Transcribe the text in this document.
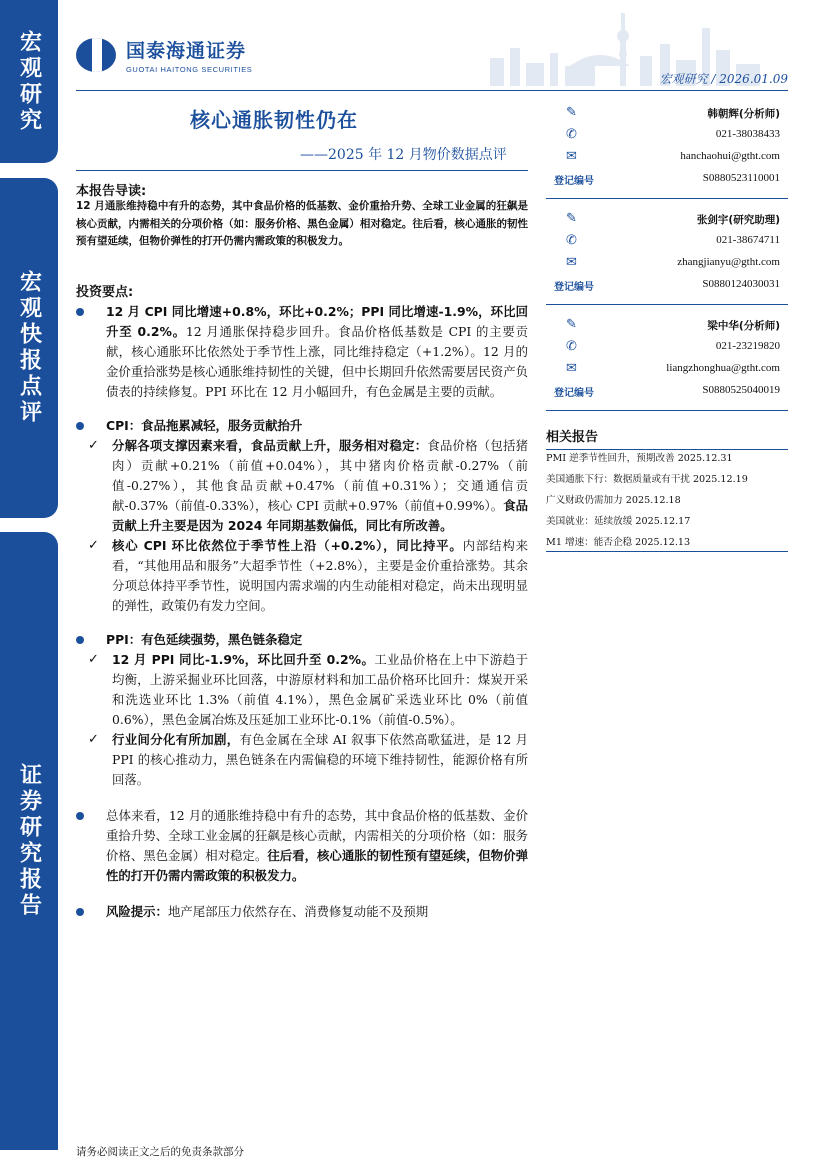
宏观研究
宏观快报点评
证券研究报告
国泰海通证券
GUOTAI HAITONG SECURITIES
宏观研究 / 2026.01.09
核心通胀韧性仍在
——2025 年 12 月物价数据点评
本报告导读:
12 月通胀维持稳中有升的态势，其中食品价格的低基数、金价重拾升势、全球工业金属的狂飙是核心贡献，内需相关的分项价格（如：服务价格、黑色金属）相对稳定。往后看，核心通胀的韧性预有望延续，但物价弹性的打开仍需内需政策的积极发力。
投资要点:
12 月 CPI 同比增速+0.8%，环比+0.2%；PPI 同比增速-1.9%，环比回升至 0.2%。12 月通胀保持稳步回升。食品价格低基数是 CPI 的主要贡献，核心通胀环比依然处于季节性上涨，同比维持稳定（+1.2%）。12 月的金价重拾涨势是核心通胀维持韧性的关键，但中长期回升依然需要居民资产负债表的持续修复。PPI 环比在 12 月小幅回升，有色金属是主要的贡献。
CPI：食品拖累减轻，服务贡献抬升
✓ 分解各项支撑因素来看，食品贡献上升，服务相对稳定：食品价格（包括猪肉）贡献+0.21%（前值+0.04%），其中猪肉价格贡献-0.27%（前值-0.27%），其他食品贡献+0.47%（前值+0.31%）；交通通信贡献-0.37%（前值-0.33%），核心 CPI 贡献+0.97%（前值+0.99%）。食品贡献上升主要是因为 2024 年同期基数偏低，同比有所改善。
✓ 核心 CPI 环比依然位于季节性上沿（+0.2%），同比持平。内部结构来看，“其他用品和服务”大超季节性（+2.8%），主要是金价重拾涨势。其余分项总体持平季节性，说明国内需求端的内生动能相对稳定，尚未出现明显的弹性，政策仍有发力空间。
PPI：有色延续强势，黑色链条稳定
✓ 12 月 PPI 同比-1.9%，环比回升至 0.2%。工业品价格在上中下游趋于均衡，上游采掘业环比回落，中游原材料和加工品价格环比回升：煤炭开采和洗选业环比 1.3%（前值 4.1%），黑色金属矿采选业环比 0%（前值 0.6%），黑色金属冶炼及压延加工业环比-0.1%（前值-0.5%）。
✓ 行业间分化有所加剧，有色金属在全球 AI 叙事下依然高歌猛进，是 12 月 PPI 的核心推动力，黑色链条在内需偏稳的环境下维持韧性，能源价格有所回落。
总体来看，12 月的通胀维持稳中有升的态势，其中食品价格的低基数、金价重拾升势、全球工业金属的狂飙是核心贡献，内需相关的分项价格（如：服务价格、黑色金属）相对稳定。往后看，核心通胀的韧性预有望延续，但物价弹性的打开仍需内需政策的积极发力。
风险提示：地产尾部压力依然存在、消费修复动能不及预期
✎	韩朝辉(分析师)
✆	021-38038433
✉	hanchaohui@gtht.com
登记编号	S0880523110001
✎	张剑宇(研究助理)
✆	021-38674711
✉	zhangjianyu@gtht.com
登记编号	S0880124030031
✎	梁中华(分析师)
✆	021-23219820
✉	liangzhonghua@gtht.com
登记编号	S0880525040019
相关报告
PMI 逆季节性回升，预期改善 2025.12.31
美国通胀下行：数据质量或有干扰 2025.12.19
广义财政仍需加力 2025.12.18
美国就业：延续放缓 2025.12.17
M1 增速：能否企稳 2025.12.13
请务必阅读正文之后的免责条款部分
